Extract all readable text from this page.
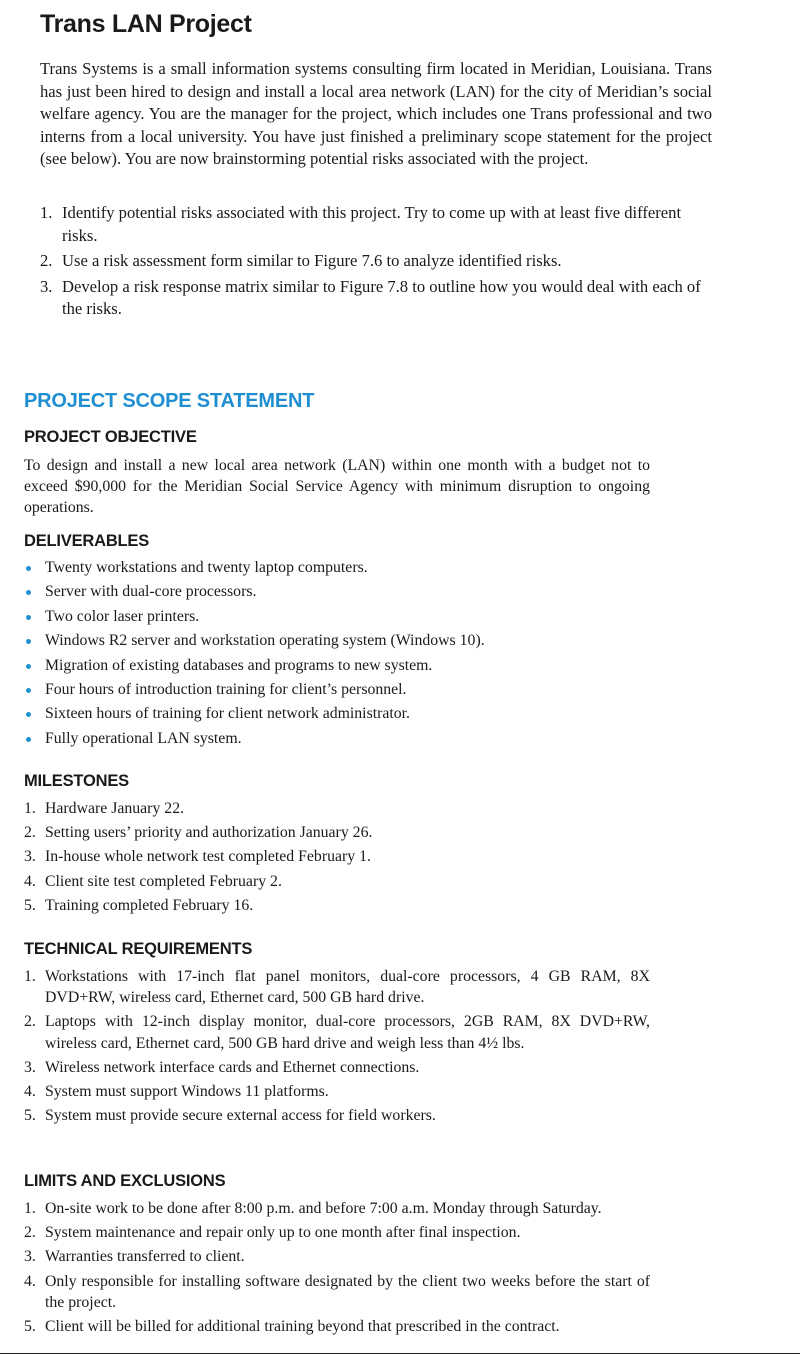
Trans LAN Project

Trans Systems is a small information systems consulting firm located in Meridian, Louisiana. Trans has just been hired to design and install a local area network (LAN) for the city of Meridian’s social welfare agency. You are the manager for the project, which includes one Trans professional and two interns from a local university. You have just finished a preliminary scope statement for the project (see below). You are now brainstorming potential risks associated with the project.

1. Identify potential risks associated with this project. Try to come up with at least five different risks.
2. Use a risk assessment form similar to Figure 7.6 to analyze identified risks.
3. Develop a risk response matrix similar to Figure 7.8 to outline how you would deal with each of the risks.
PROJECT SCOPE STATEMENT
PROJECT OBJECTIVE

To design and install a new local area network (LAN) within one month with a budget not to exceed $90,000 for the Meridian Social Service Agency with minimum disruption to ongoing operations.

DELIVERABLES
Twenty workstations and twenty laptop computers.
Server with dual-core processors.
Two color laser printers.
Windows R2 server and workstation operating system (Windows 10).
Migration of existing databases and programs to new system.
Four hours of introduction training for client’s personnel.
Sixteen hours of training for client network administrator.
Fully operational LAN system.
MILESTONES
1. Hardware January 22.
2. Setting users’ priority and authorization January 26.
3. In-house whole network test completed February 1.
4. Client site test completed February 2.
5. Training completed February 16.
TECHNICAL REQUIREMENTS
1. Workstations with 17-inch flat panel monitors, dual-core processors, 4 GB RAM, 8X DVD+RW, wireless card, Ethernet card, 500 GB hard drive.
2. Laptops with 12-inch display monitor, dual-core processors, 2GB RAM, 8X DVD+RW, wireless card, Ethernet card, 500 GB hard drive and weigh less than 4½ lbs.
3. Wireless network interface cards and Ethernet connections.
4. System must support Windows 11 platforms.
5. System must provide secure external access for field workers.
LIMITS AND EXCLUSIONS
1. On-site work to be done after 8:00 p.m. and before 7:00 a.m. Monday through Saturday.
2. System maintenance and repair only up to one month after final inspection.
3. Warranties transferred to client.
4. Only responsible for installing software designated by the client two weeks before the start of the project.
5. Client will be billed for additional training beyond that prescribed in the contract.
